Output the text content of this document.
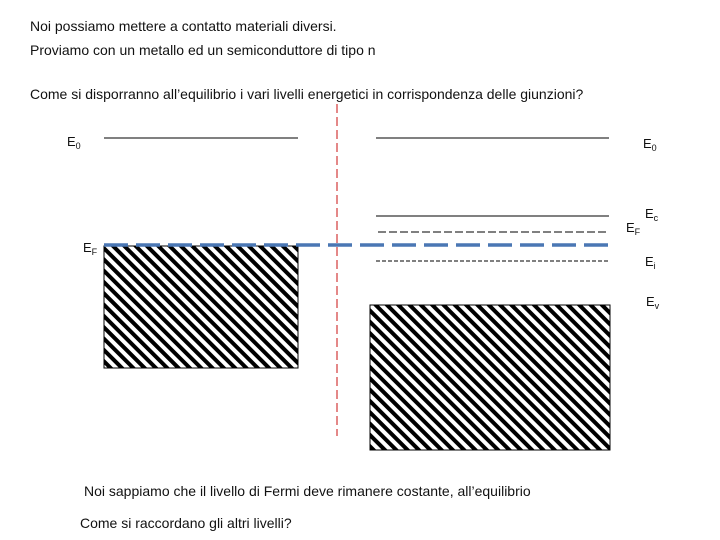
Noi possiamo mettere a contatto materiali diversi.
Proviamo con un metallo ed un semiconduttore di tipo n
Come si disporranno all’equilibrio i vari livelli energetici in corrispondenza delle giunzioni?
$E_0$
$E_F$
$E_0$
$E_c$
$E_F$
$E_i$
$E_v$
Noi sappiamo che il livello di Fermi deve rimanere costante, all’equilibrio
Come si raccordano gli altri livelli?
